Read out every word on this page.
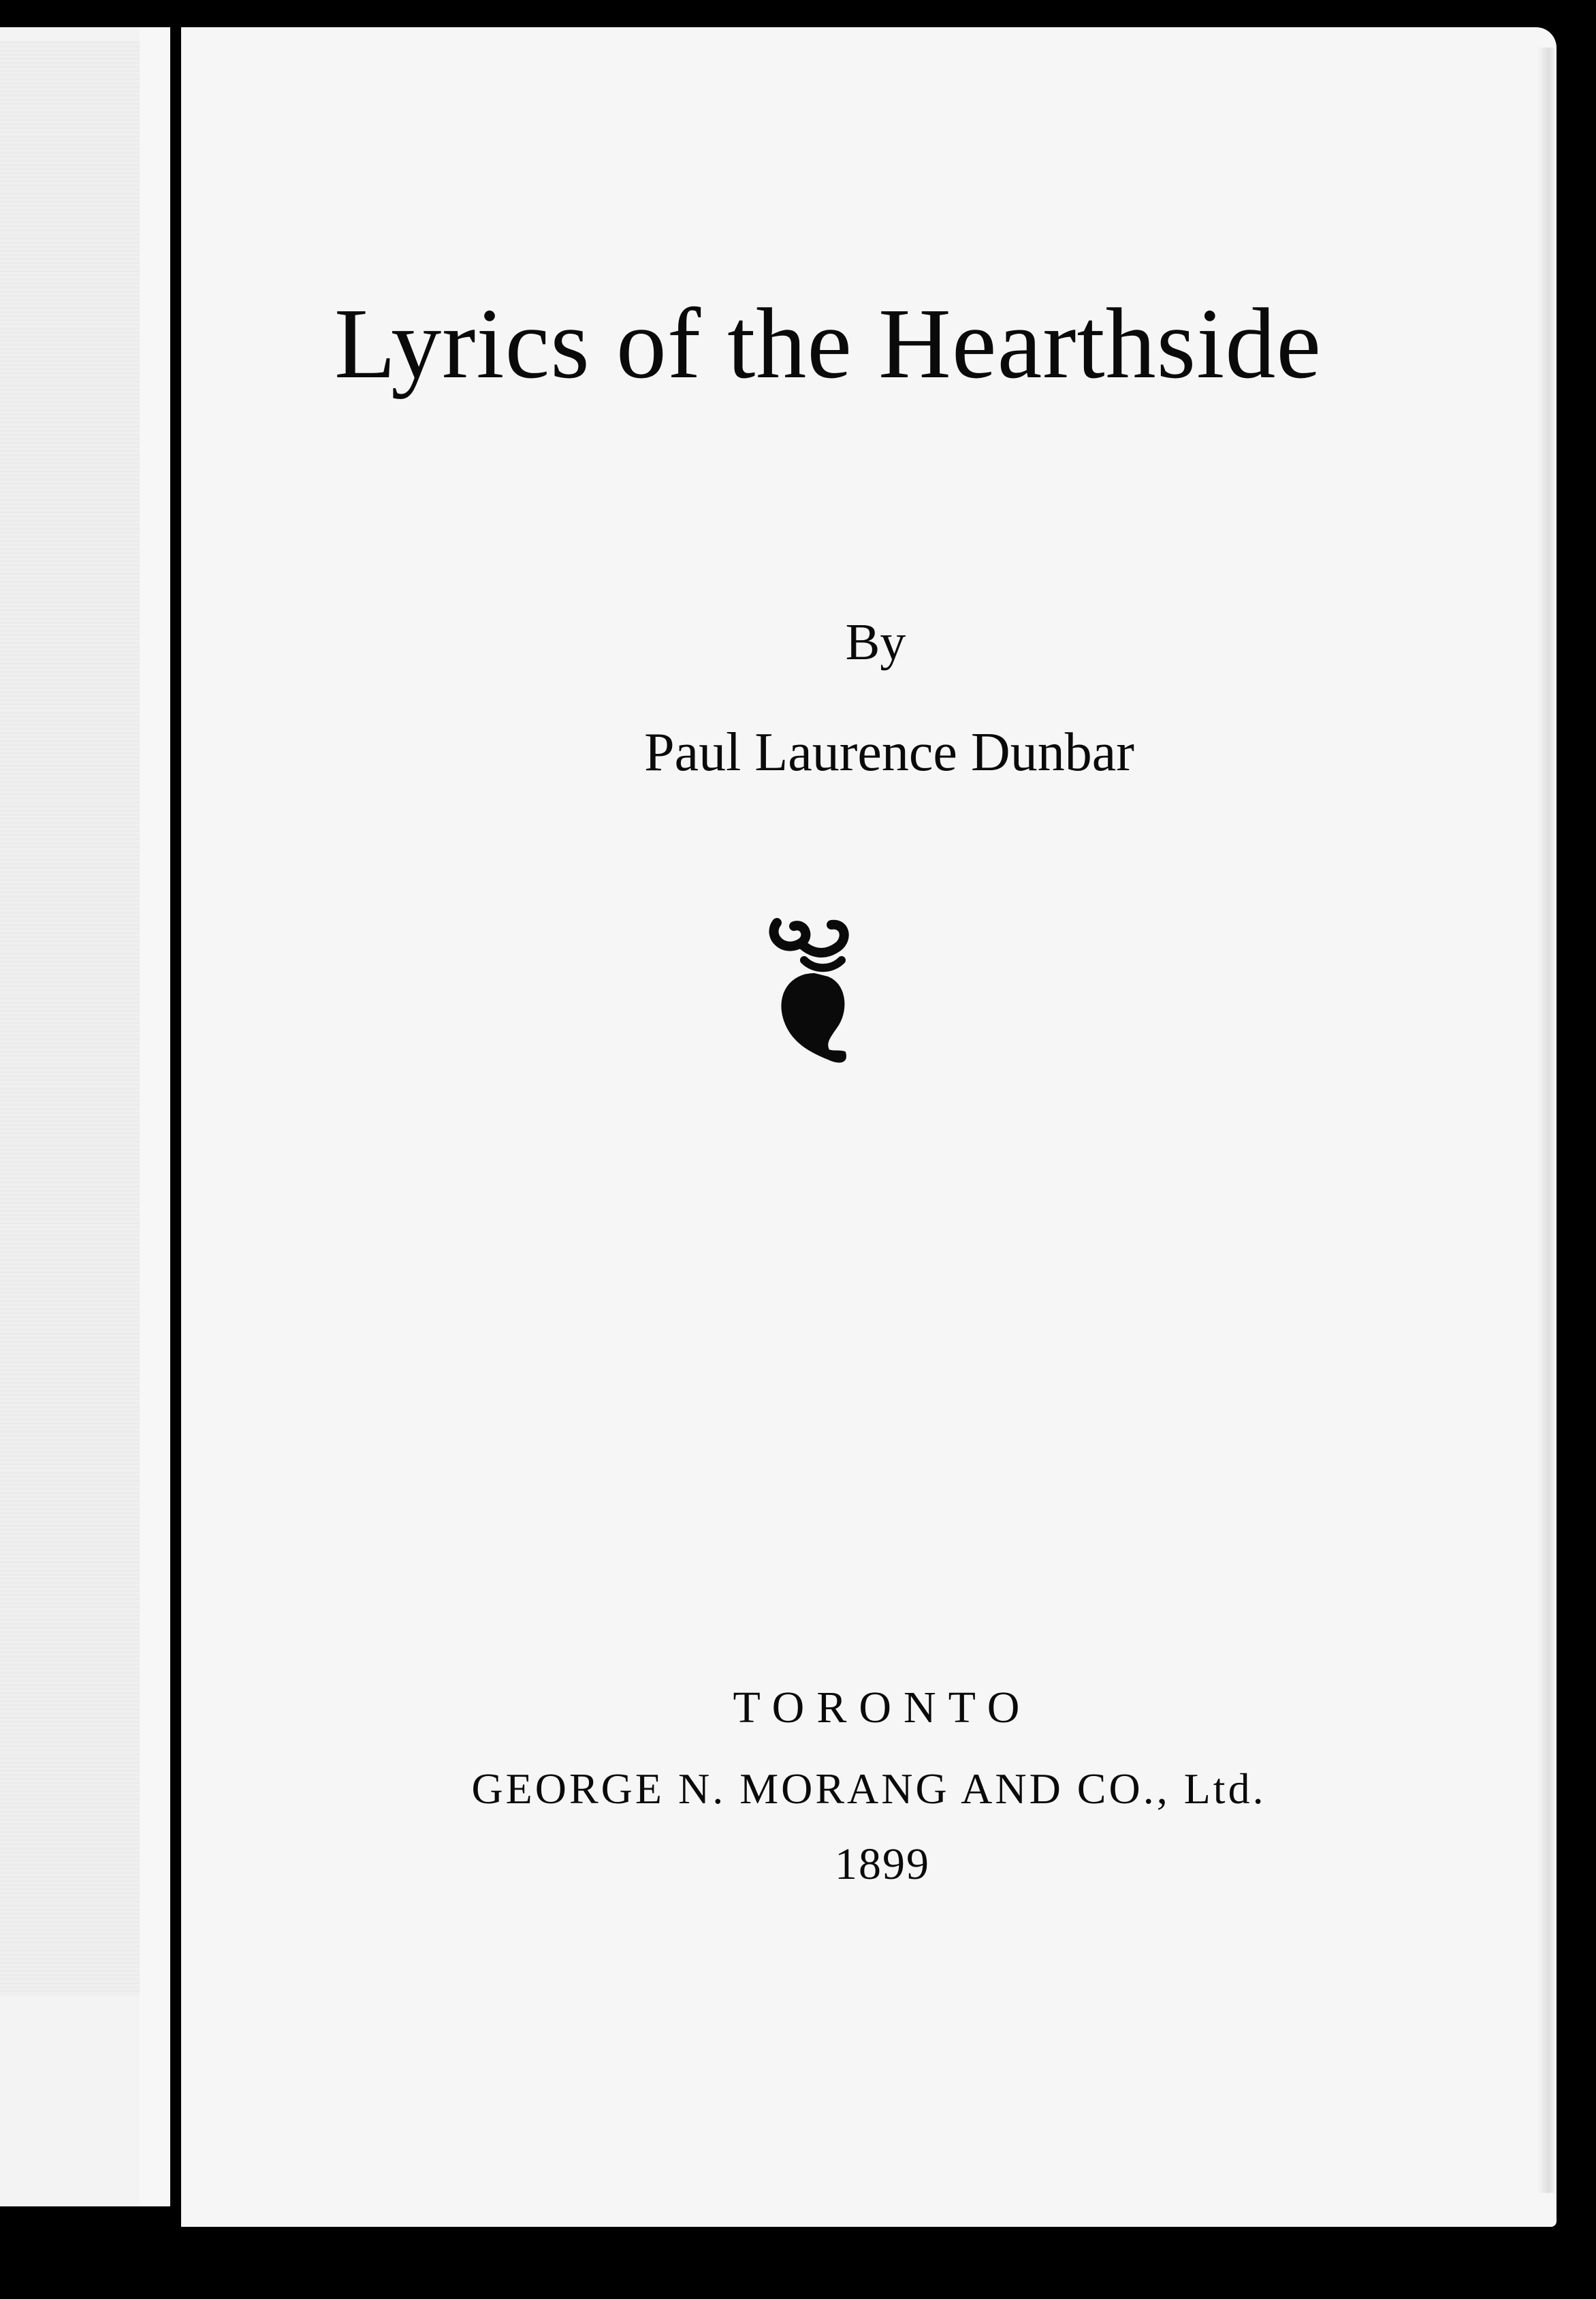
Lyrics of the Hearthside
By
Paul Laurence Dunbar
TORONTO
GEORGE N. MORANG AND CO., Ltd.
1899
